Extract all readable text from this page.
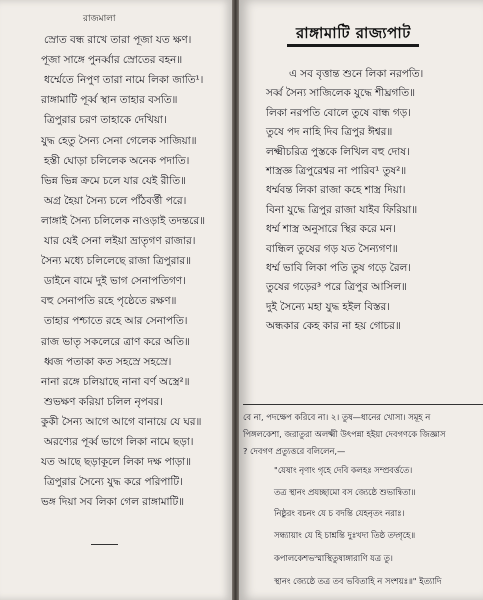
রাজমালা
স্রোত বন্ধ রাখে তারা পূজা যত ক্ষণ।
পূজা সাঙ্গে পুনর্ব্বার স্রোতের বহন॥
ধর্ম্মেতে নিপুণ তারা নামে লিকা জাতি¹।
রাঙ্গামাটি পূর্ব্ব স্থান তাহার বসতি॥
ত্রিপুরার চরণ তাহাকে দেখিয়া।
যুদ্ধ হেতু সৈন্য সেনা গেলেক সাজিয়া॥
হস্তী ঘোড়া চলিলেক অনেক পদাতি।
ভিন্ন ভিন্ন ক্রমে চলে যার যেই রীতি॥
অগ্র হৈয়া সৈন্য চলে পাঁঠবর্ত্তী পরে।
লাঙ্গাই সৈন্য চলিলেক নাওড়াই তদন্তরে॥
যার যেই সেনা লইয়া ভ্রাতৃগণ রাজার।
সৈন্য মধ্যে চলিলেছে রাজা ত্রিপুরার॥
ডাইনে বামে দুই ভাগ সেনাপতিগণ।
বহু সেনাপতি রহে পৃষ্ঠেতে রক্ষণ॥
তাহার পশ্চাতে রহে আর সেনাপতি।
রাজ ভাতৃ সকলেরে ত্রাণ করে অতি॥
ধ্বজ পতাকা কত সহস্রে সহস্রে।
নানা রঙ্গে চলিয়াছে নানা বর্ণ অস্ত্রে²॥
শুভক্ষণ করিয়া চলিল নৃপবর।
কুকী সৈন্য আগে আগে বানায়ে যে ঘর॥
অরণ্যের পূর্ব্ব ভাগে লিকা নামে ছড়া।
যত আছে ছড়াকূলে লিকা দক্ষ পাড়া॥
ত্রিপুরার সৈন্যে যুদ্ধ করে পরিপাটি।
ভঙ্গ দিয়া সব লিকা গেল রাঙ্গামাটি॥
রাঙ্গামাটি রাজ্যপাট
এ সব বৃত্তান্ত শুনে লিকা নরপতি।
সর্ব্ব সৈন্য সাজিলেক যুদ্ধে শীঘ্রগতি॥
লিকা নরপতি বোলে তুষে বান্ধ গড়।
তুষে পদ নাহি দিব ত্রিপুর ঈশ্বর॥
লক্ষ্মীচরিত্র পুস্তকে লিখিল বহু দোষ।
শাস্ত্রজ্ঞ ত্রিপুরেশ্বর না পারিব¹ তুষ²॥
ধর্ম্মবন্ত লিকা রাজা কহে শাস্ত্র দিয়া।
বিনা যুদ্ধে ত্রিপুর রাজা যাইব ফিরিয়া॥
ধর্ম্ম শাস্ত্র অনুসারে স্থির করে মন।
বান্ধিল তুষের গড় যত সৈন্যগণ॥
ধর্ম্ম ভাবি লিকা পতি তুষ গড়ে রৈল।
তুষের গড়ের³ পরে ত্রিপুর আসিল॥
দুই সৈন্যে মহা যুদ্ধ হইল বিস্তর।
অন্ধকার কেহ কার না হয় গোচর॥
বে না, পদক্ষেপ করিবে না। ২। তুষ—ধানের খোসা। সমূহ ন
পিঙ্গলকেশা, জরাতুরা অলক্ষ্মী উৎপন্না হইয়া দেবগণকে জিজ্ঞাস
? দেবগণ প্রত্যুত্তরে বলিলেন,—
"যেষাং নৃণাং গৃহে দেবি কলহঃ সম্প্রবর্ত্ততে।
তত্র স্থানং প্রযচ্ছামো বস জ্যেষ্ঠে শুভান্বিতা॥
নিষ্ঠুরং বচনং যে চ বদন্তি যেহনৃতং নরাঃ।
সন্ধ্যায়াং যে হি চাশ্নন্তি দুঃখদা তিষ্ঠ তদ্গৃহে॥
কপালকেশভস্মাস্থিতুষাঙ্গারাণি যত্র তু।
স্থানং জ্যেষ্ঠে তত্র তব ভবিতাহি ন সংশয়ঃ॥" ইত্যাদি
